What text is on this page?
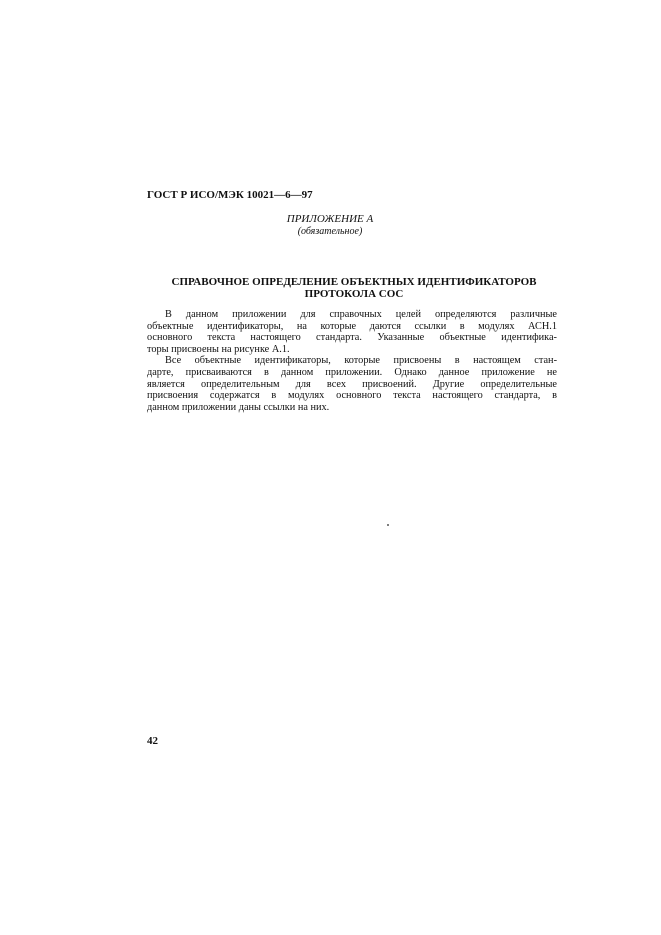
ГОСТ Р ИСО/МЭК 10021—6—97
ПРИЛОЖЕНИЕ А
(обязательное)
СПРАВОЧНОЕ ОПРЕДЕЛЕНИЕ ОБЪЕКТНЫХ ИДЕНТИФИКАТОРОВ
ПРОТОКОЛА СОС
В данном приложении для справочных целей определяются различные
объектные идентификаторы, на которые даются ссылки в модулях АСН.1
основного текста настоящего стандарта. Указанные объектные идентифика-
торы присвоены на рисунке А.1.
Все объектные идентификаторы, которые присвоены в настоящем стан-
дарте, присваиваются в данном приложении. Однако данное приложение не
является определительным для всех присвоений. Другие определительные
присвоения содержатся в модулях основного текста настоящего стандарта, в
данном приложении даны ссылки на них.
42
